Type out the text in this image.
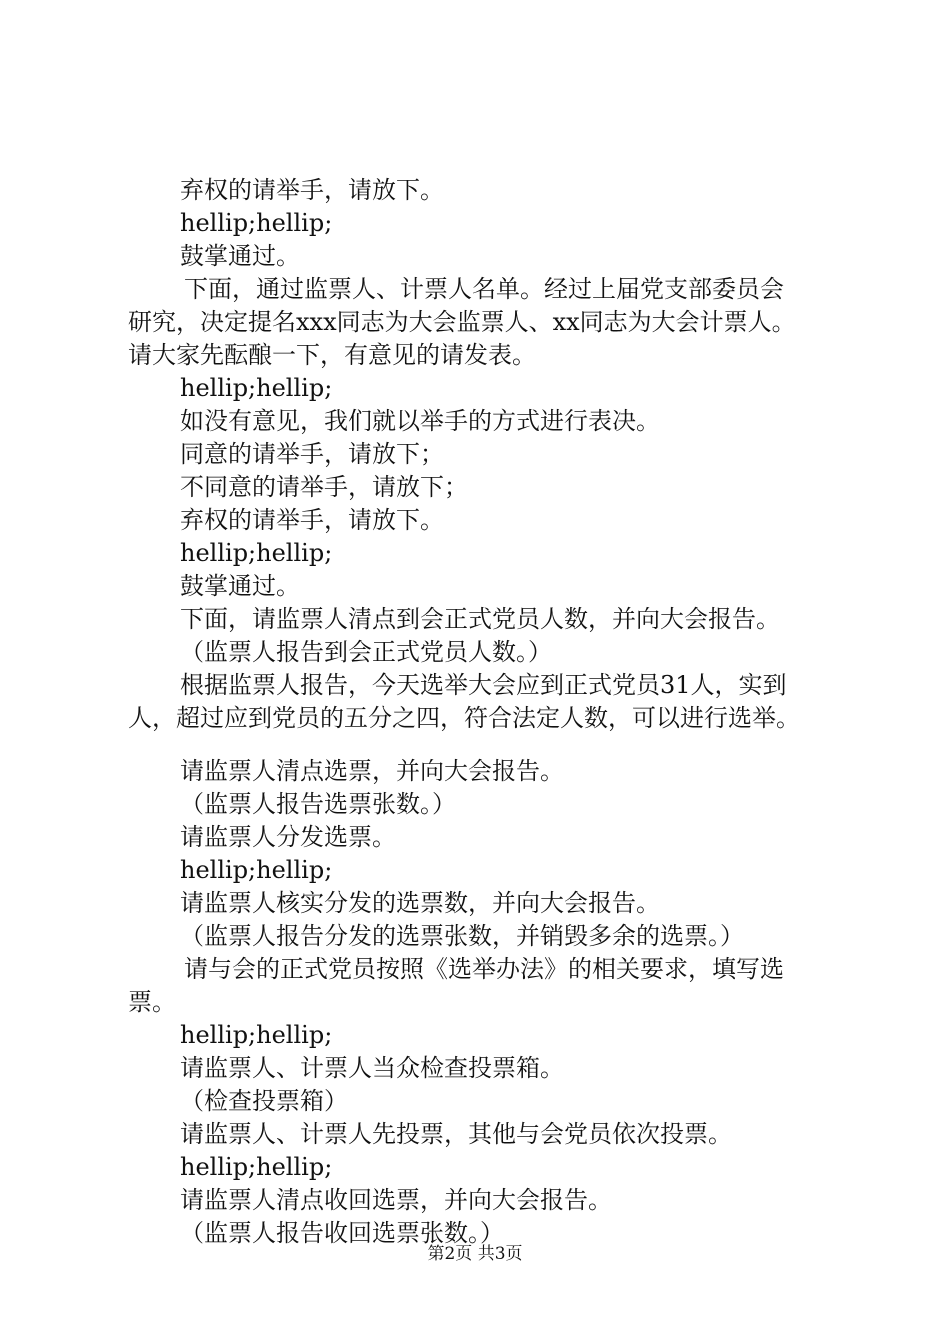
弃权的请举手，请放下。
hellip;hellip;
鼓掌通过。
下面，通过监票人、计票人名单。经过上届党支部委员会
研究，决定提名xxx同志为大会监票人、xx同志为大会计票人。
请大家先酝酿一下，有意见的请发表。
hellip;hellip;
如没有意见，我们就以举手的方式进行表决。
同意的请举手，请放下；
不同意的请举手，请放下；
弃权的请举手，请放下。
hellip;hellip;
鼓掌通过。
下面，请监票人清点到会正式党员人数，并向大会报告。
（监票人报告到会正式党员人数。）
根据监票人报告，今天选举大会应到正式党员31人，实到
人，超过应到党员的五分之四，符合法定人数，可以进行选举。
请监票人清点选票，并向大会报告。
（监票人报告选票张数。）
请监票人分发选票。
hellip;hellip;
请监票人核实分发的选票数，并向大会报告。
（监票人报告分发的选票张数，并销毁多余的选票。）
请与会的正式党员按照《选举办法》的相关要求，填写选
票。
hellip;hellip;
请监票人、计票人当众检查投票箱。
（检查投票箱）
请监票人、计票人先投票，其他与会党员依次投票。
hellip;hellip;
请监票人清点收回选票，并向大会报告。
（监票人报告收回选票张数。）
第2页 共3页
